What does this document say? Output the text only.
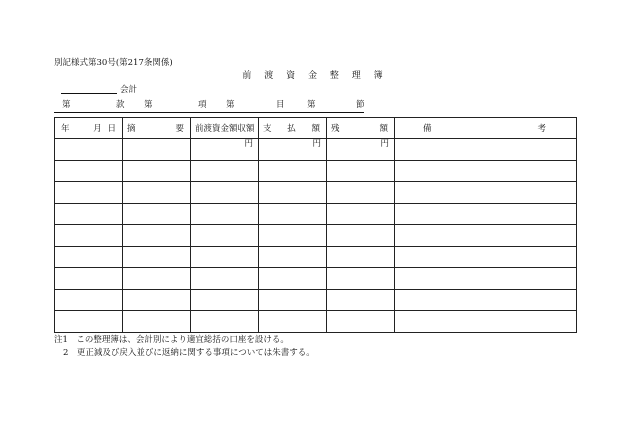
別記様式第30号(第217条関係)
前 渡 資 金 整 理 簿
会計
第	款 第	項 第	目	第	節
年 月 日	摘 要	前渡資金額収額	支 払 額	残 額	備 考

		円	円	円	

注1　この整理簿は、会計別により適宜総括の口座を設ける。
2　更正減及び戻入並びに返納に関する事項については朱書する。
